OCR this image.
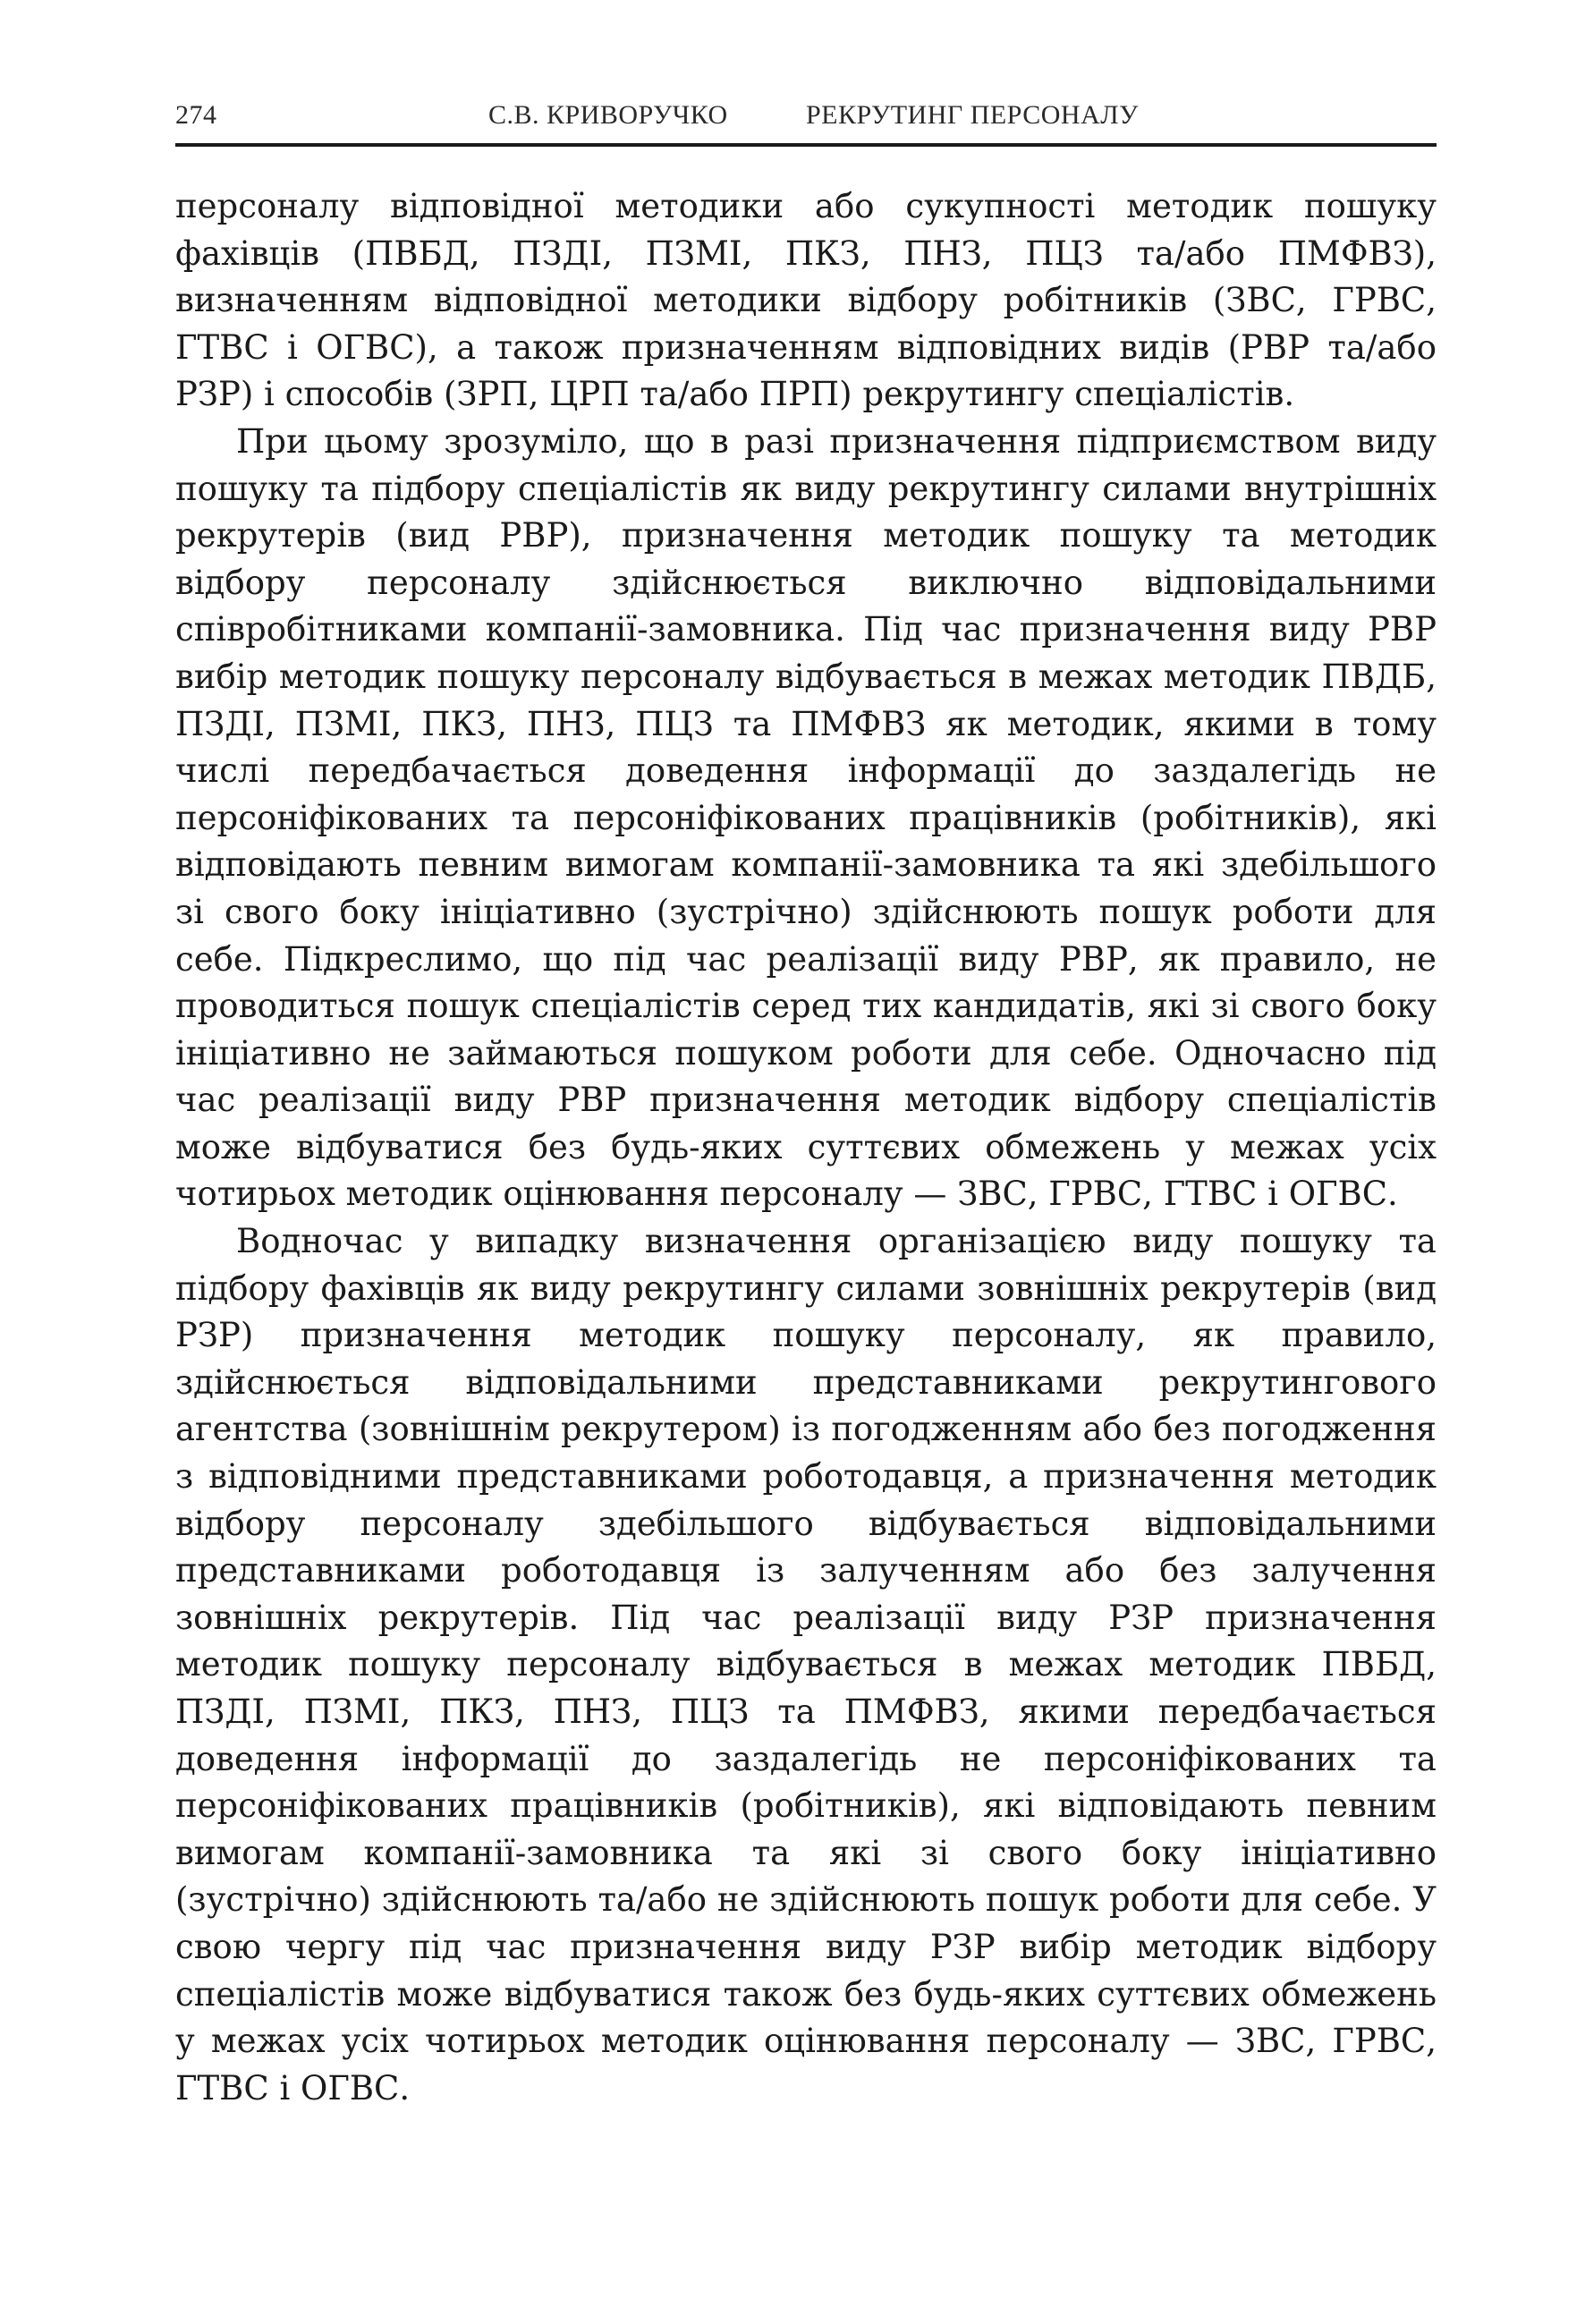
274	С.В. КРИВОРУЧКО	РЕКРУТИНГ ПЕРСОНАЛУ

персоналу відповідної методики або сукупності методик пошуку фахівців (ПВБД, ПЗДІ, ПЗМІ, ПКЗ, ПНЗ, ПЦЗ та/або ПМФВЗ), визначенням відповідної методики відбору робітників (ЗВС, ГРВС, ГТВС і ОГВС), а також призначенням відповідних видів (РВР та/або РЗР) і способів (ЗРП, ЦРП та/або ПРП) рекрутингу спеціалістів.

При цьому зрозуміло, що в разі призначення підприємством виду пошуку та підбору спеціалістів як виду рекрутингу силами внутрішніх рекрутерів (вид РВР), призначення методик пошуку та методик відбору персоналу здійснюється виключно відповідальними співробітниками компанії-замовника. Під час призначення виду РВР вибір методик пошуку персоналу відбувається в межах методик ПВДБ, ПЗДІ, ПЗМІ, ПКЗ, ПНЗ, ПЦЗ та ПМФВЗ як методик, якими в тому числі передбачається доведення інформації до заздалегідь не персоніфікованих та персоніфікованих працівників (робітників), які відповідають певним вимогам компанії-замовника та які здебільшого зі свого боку ініціативно (зустрічно) здійснюють пошук роботи для себе. Підкреслимо, що під час реалізації виду РВР, як правило, не проводиться пошук спеціалістів серед тих кандидатів, які зі свого боку ініціативно не займаються пошуком роботи для себе. Одночасно під час реалізації виду РВР призначення методик відбору спеціалістів може відбуватися без будь-яких суттєвих обмежень у межах усіх чотирьох методик оцінювання персоналу — ЗВС, ГРВС, ГТВС і ОГВС.

Водночас у випадку визначення організацією виду пошуку та підбору фахівців як виду рекрутингу силами зовнішніх рекрутерів (вид РЗР) призначення методик пошуку персоналу, як правило, здійснюється відповідальними представниками рекрутингового агентства (зовнішнім рекрутером) із погодженням або без погодження з відповідними представниками роботодавця, а призначення методик відбору персоналу здебільшого відбувається відповідальними представниками роботодавця із залученням або без залучення зовнішніх рекрутерів. Під час реалізації виду РЗР призначення методик пошуку персоналу відбувається в межах методик ПВБД, ПЗДІ, ПЗМІ, ПКЗ, ПНЗ, ПЦЗ та ПМФВЗ, якими передбачається доведення інформації до заздалегідь не персоніфікованих та персоніфікованих працівників (робітників), які відповідають певним вимогам компанії-замовника та які зі свого боку ініціативно (зустрічно) здійснюють та/або не здійснюють пошук роботи для себе. У свою чергу під час призначення виду РЗР вибір методик відбору спеціалістів може відбуватися також без будь-яких суттєвих обмежень у межах усіх чотирьох методик оцінювання персоналу — ЗВС, ГРВС, ГТВС і ОГВС.
